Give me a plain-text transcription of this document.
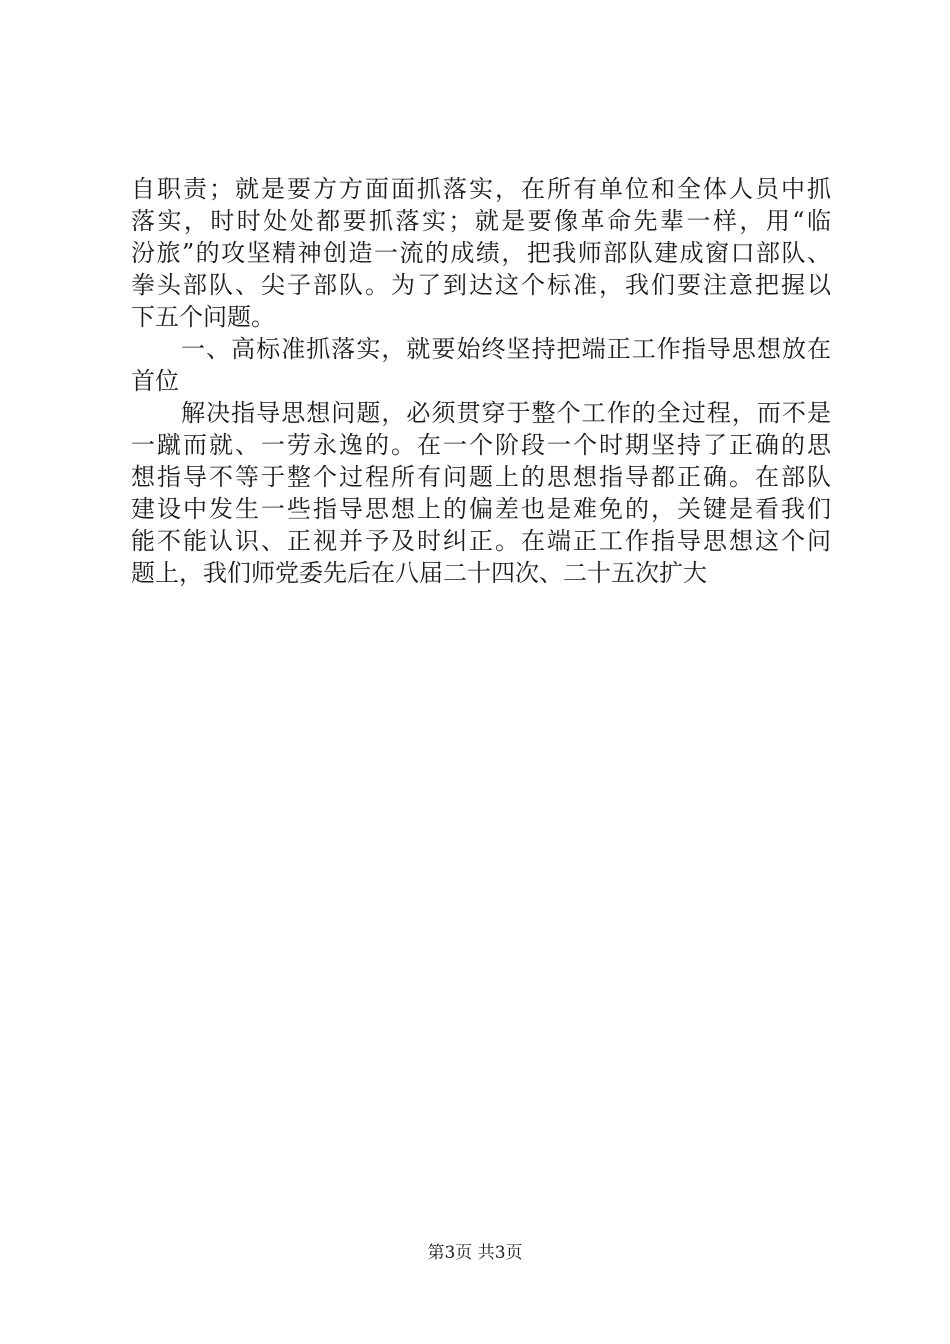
自职责；就是要方方面面抓落实，在所有单位和全体人员中抓
落实，时时处处都要抓落实；就是要像革命先辈一样，用“临
汾旅”的攻坚精神创造一流的成绩，把我师部队建成窗口部队、
拳头部队、尖子部队。为了到达这个标准，我们要注意把握以
下五个问题。
　　一、高标准抓落实，就要始终坚持把端正工作指导思想放在
首位
　　解决指导思想问题，必须贯穿于整个工作的全过程，而不是
一蹴而就、一劳永逸的。在一个阶段一个时期坚持了正确的思
想指导不等于整个过程所有问题上的思想指导都正确。在部队
建设中发生一些指导思想上的偏差也是难免的，关键是看我们
能不能认识、正视并予及时纠正。在端正工作指导思想这个问
题上，我们师党委先后在八届二十四次、二十五次扩大
第3页 共3页
